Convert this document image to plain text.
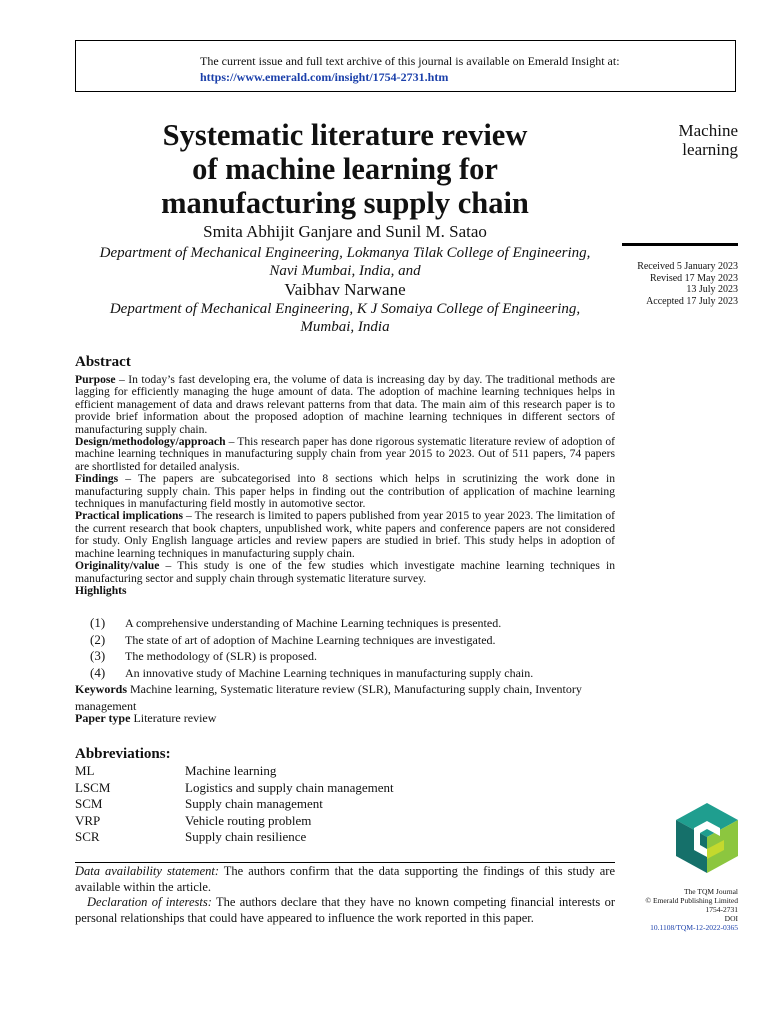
The current issue and full text archive of this journal is available on Emerald Insight at:
https://www.emerald.com/insight/1754-2731.htm
Systematic literature review
of machine learning for
manufacturing supply chain
Smita Abhijit Ganjare and Sunil M. Satao
Department of Mechanical Engineering, Lokmanya Tilak College of Engineering,
Navi Mumbai, India, and
Vaibhav Narwane
Department of Mechanical Engineering, K J Somaiya College of Engineering,
Mumbai, India
Machine
learning
Received 5 January 2023
Revised 17 May 2023
13 July 2023
Accepted 17 July 2023
Abstract

Purpose – In today’s fast developing era, the volume of data is increasing day by day. The traditional methods are lagging for efficiently managing the huge amount of data. The adoption of machine learning techniques helps in efficient management of data and draws relevant patterns from that data. The main aim of this research paper is to provide brief information about the proposed adoption of machine learning techniques in different sectors of manufacturing supply chain.

Design/methodology/approach – This research paper has done rigorous systematic literature review of adoption of machine learning techniques in manufacturing supply chain from year 2015 to 2023. Out of 511 papers, 74 papers are shortlisted for detailed analysis.

Findings – The papers are subcategorised into 8 sections which helps in scrutinizing the work done in manufacturing supply chain. This paper helps in finding out the contribution of application of machine learning techniques in manufacturing field mostly in automotive sector.

Practical implications – The research is limited to papers published from year 2015 to year 2023. The limitation of the current research that book chapters, unpublished work, white papers and conference papers are not considered for study. Only English language articles and review papers are studied in brief. This study helps in adoption of machine learning techniques in manufacturing supply chain.

Originality/value – This study is one of the few studies which investigate machine learning techniques in manufacturing sector and supply chain through systematic literature survey.

Highlights

(1)	A comprehensive understanding of Machine Learning techniques is presented.
(2)	The state of art of adoption of Machine Learning techniques are investigated.
(3)	The methodology of (SLR) is proposed.
(4)	An innovative study of Machine Learning techniques in manufacturing supply chain.
Keywords Machine learning, Systematic literature review (SLR), Manufacturing supply chain, Inventory management
Paper type Literature review
Abbreviations:
ML	Machine learning
LSCM	Logistics and supply chain management
SCM	Supply chain management
VRP	Vehicle routing problem
SCR	Supply chain resilience

Data availability statement: The authors confirm that the data supporting the findings of this study are available within the article.

Declaration of interests: The authors declare that they have no known competing financial interests or personal relationships that could have appeared to influence the work reported in this paper.

The TQM Journal
© Emerald Publishing Limited
1754-2731
DOI
10.1108/TQM-12-2022-0365
